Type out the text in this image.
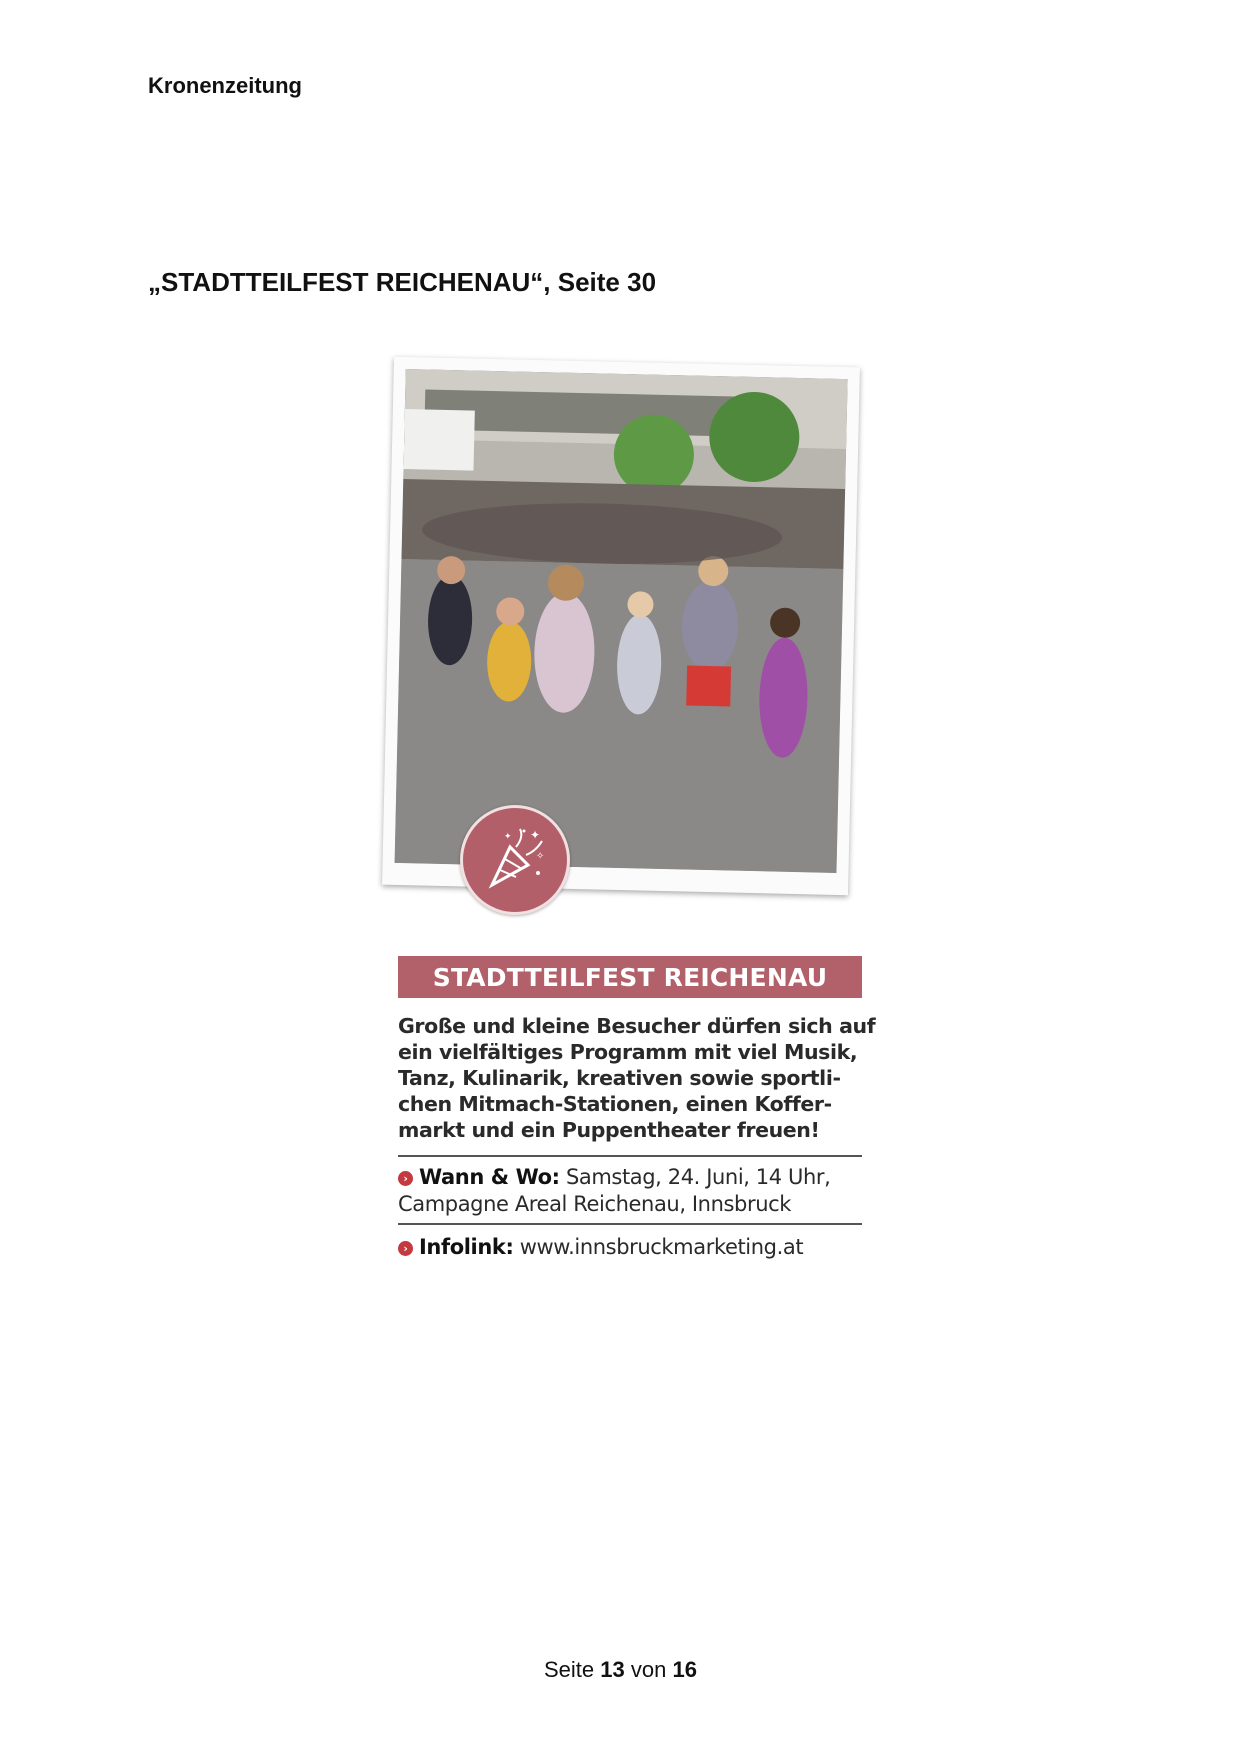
Kronenzeitung
„STADTTEILFEST REICHENAU“, Seite 30
✦
✧
✦
STADTTEILFEST REICHENAU
Große und kleine Besucher dürfen sich auf
ein vielfältiges Programm mit viel Musik,
Tanz, Kulinarik, kreativen sowie sportli-
chen Mitmach-Stationen, einen Koffer-
markt und ein Puppentheater freuen!
› Wann & Wo: Samstag, 24. Juni, 14 Uhr,
Campagne Areal Reichenau, Innsbruck
› Infolink: www.innsbruckmarketing.at
Seite 13 von 16
